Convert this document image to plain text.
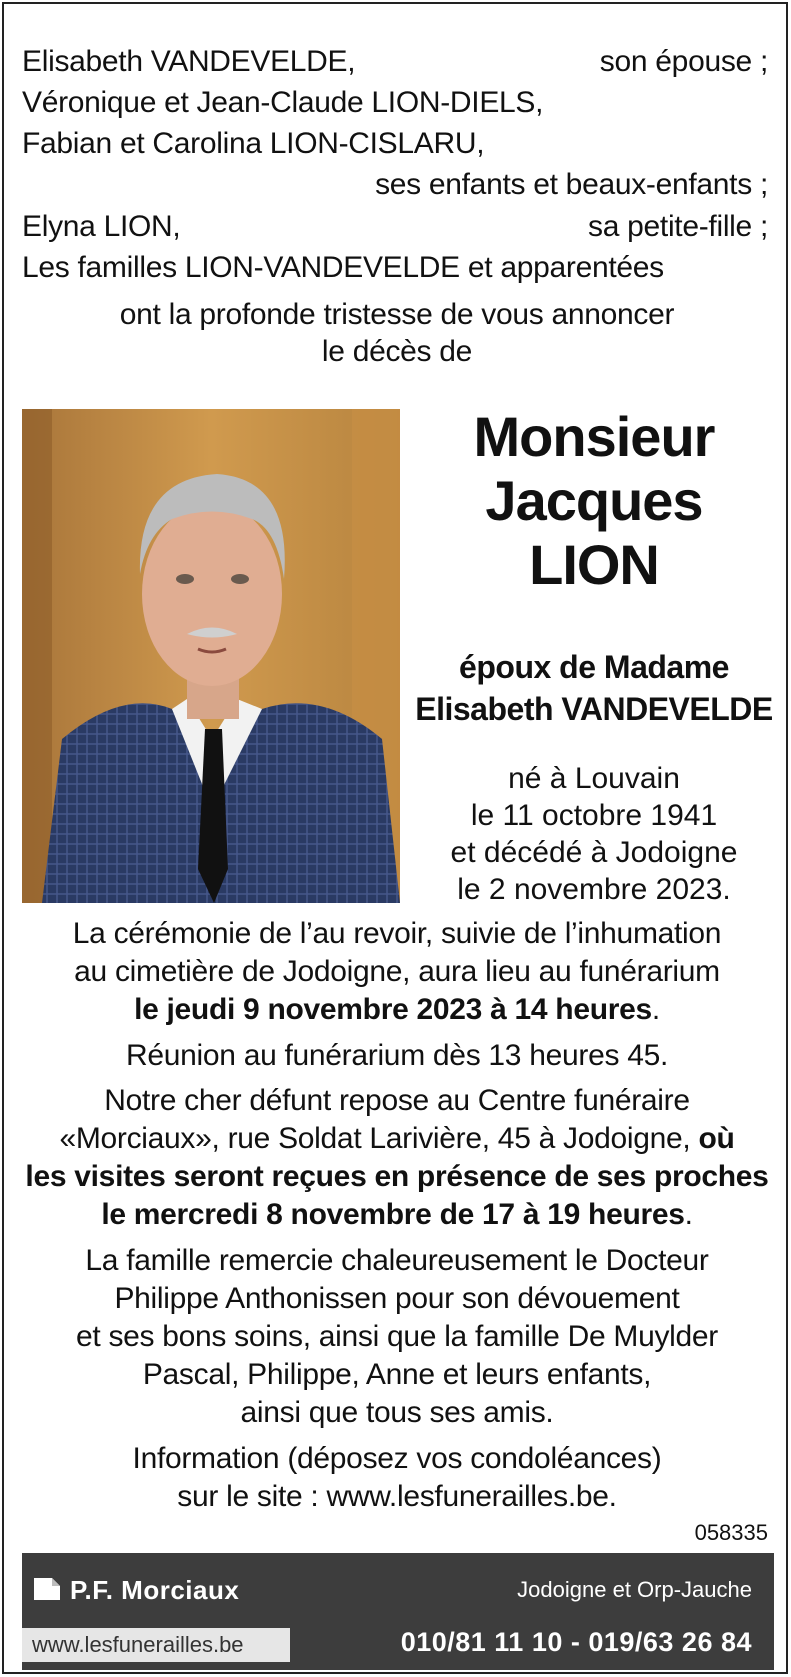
Elisabeth VANDEVELDE,	son épouse ;
Véronique et Jean-Claude LION-DIELS,
Fabian et Carolina LION-CISLARU,
ses enfants et beaux-enfants ;
Elyna LION,	sa petite-fille ;
Les familles LION-VANDEVELDE et apparentées
ont la profonde tristesse de vous annoncer
le décès de
Monsieur
Jacques
LION
époux de Madame
Elisabeth VANDEVELDE
né à Louvain
le 11 octobre 1941
et décédé à Jodoigne
le 2 novembre 2023.
La cérémonie de l’au revoir, suivie de l’inhumation
au cimetière de Jodoigne, aura lieu au funérarium
le jeudi 9 novembre 2023 à 14 heures.
Réunion au funérarium dès 13 heures 45.
Notre cher défunt repose au Centre funéraire
«Morciaux», rue Soldat Larivière, 45 à Jodoigne, où
les visites seront reçues en présence de ses proches
le mercredi 8 novembre de 17 à 19 heures.
La famille remercie chaleureusement le Docteur
Philippe Anthonissen pour son dévouement
et ses bons soins, ainsi que la famille De Muylder
Pascal, Philippe, Anne et leurs enfants,
ainsi que tous ses amis.
Information (déposez vos condoléances)
sur le site : www.lesfunerailles.be.
058335
P.F. Morciaux	Jodoigne et Orp-Jauche
www.lesfunerailles.be	010/81 11 10 - 019/63 26 84
